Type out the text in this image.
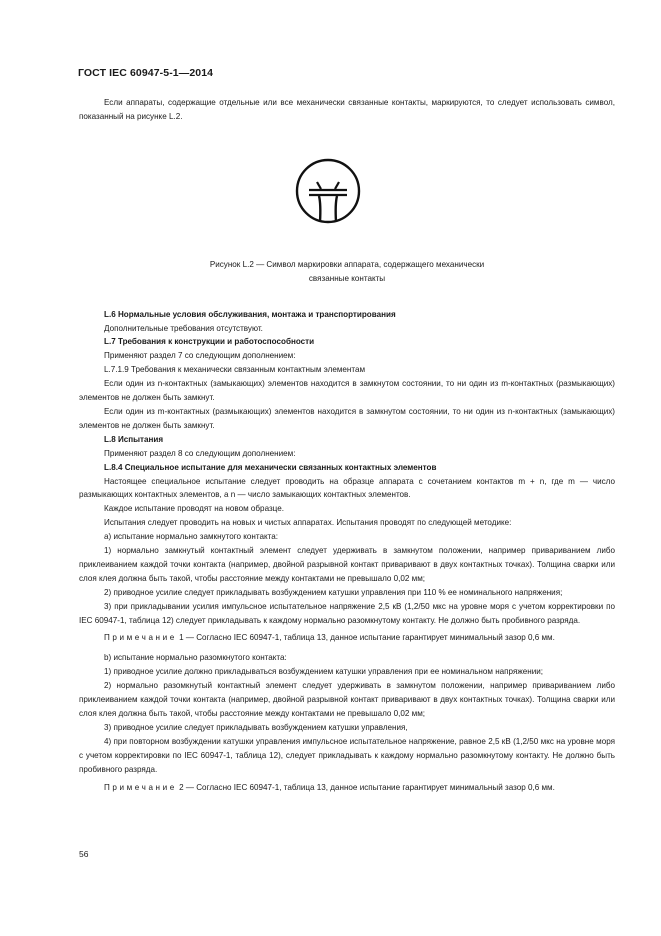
ГОСТ IEC 60947-5-1—2014

Если аппараты, содержащие отдельные или все механически связанные контакты, маркируются, то следует использовать символ, показанный на рисунке L.2.

Рисунок L.2 — Символ маркировки аппарата, содержащего механически
связанные контакты

L.6 Нормальные условия обслуживания, монтажа и транспортирования

Дополнительные требования отсутствуют.

L.7 Требования к конструкции и работоспособности

Применяют раздел 7 со следующим дополнением:

L.7.1.9 Требования к механически связанным контактным элементам

Если один из n-контактных (замыкающих) элементов находится в замкнутом состоянии, то ни один из m-контактных (размыкающих) элементов не должен быть замкнут.

Если один из m-контактных (размыкающих) элементов находится в замкнутом состоянии, то ни один из n-контактных (замыкающих) элементов не должен быть замкнут.

L.8 Испытания

Применяют раздел 8 со следующим дополнением:

L.8.4 Специальное испытание для механически связанных контактных элементов

Настоящее специальное испытание следует проводить на образце аппарата с сочетанием контактов m + n, где m — число размыкающих контактных элементов, а n — число замыкающих контактных элементов.

Каждое испытание проводят на новом образце.

Испытания следует проводить на новых и чистых аппаратах. Испытания проводят по следующей методике:

a) испытание нормально замкнутого контакта:

1) нормально замкнутый контактный элемент следует удерживать в замкнутом положении, например привариванием либо приклеиванием каждой точки контакта (например, двойной разрывной контакт приваривают в двух контактных точках). Толщина сварки или слоя клея должна быть такой, чтобы расстояние между контактами не превышало 0,02 мм;

2) приводное усилие следует прикладывать возбуждением катушки управления при 110 % ее номинального напряжения;

3) при прикладывании усилия импульсное испытательное напряжение 2,5 кВ (1,2/50 мкс на уровне моря с учетом корректировки по IEC 60947-1, таблица 12) следует прикладывать к каждому нормально разомкнутому контакту. Не должно быть пробивного разряда.

Примечание 1 — Согласно IEC 60947-1, таблица 13, данное испытание гарантирует минимальный зазор 0,6 мм.

b) испытание нормально разомкнутого контакта:

1) приводное усилие должно прикладываться возбуждением катушки управления при ее номинальном напряжении;

2) нормально разомкнутый контактный элемент следует удерживать в замкнутом положении, например привариванием либо приклеиванием каждой точки контакта (например, двойной разрывной контакт приваривают в двух контактных точках). Толщина сварки или слоя клея должна быть такой, чтобы расстояние между контактами не превышало 0,02 мм;

3) приводное усилие следует прикладывать возбуждением катушки управления,

4) при повторном возбуждении катушки управления импульсное испытательное напряжение, равное 2,5 кВ (1,2/50 мкс на уровне моря с учетом корректировки по IEC 60947-1, таблица 12), следует прикладывать к каждому нормально разомкнутому контакту. Не должно быть пробивного разряда.

Примечание 2 — Согласно IEC 60947-1, таблица 13, данное испытание гарантирует минимальный зазор 0,6 мм.

56
